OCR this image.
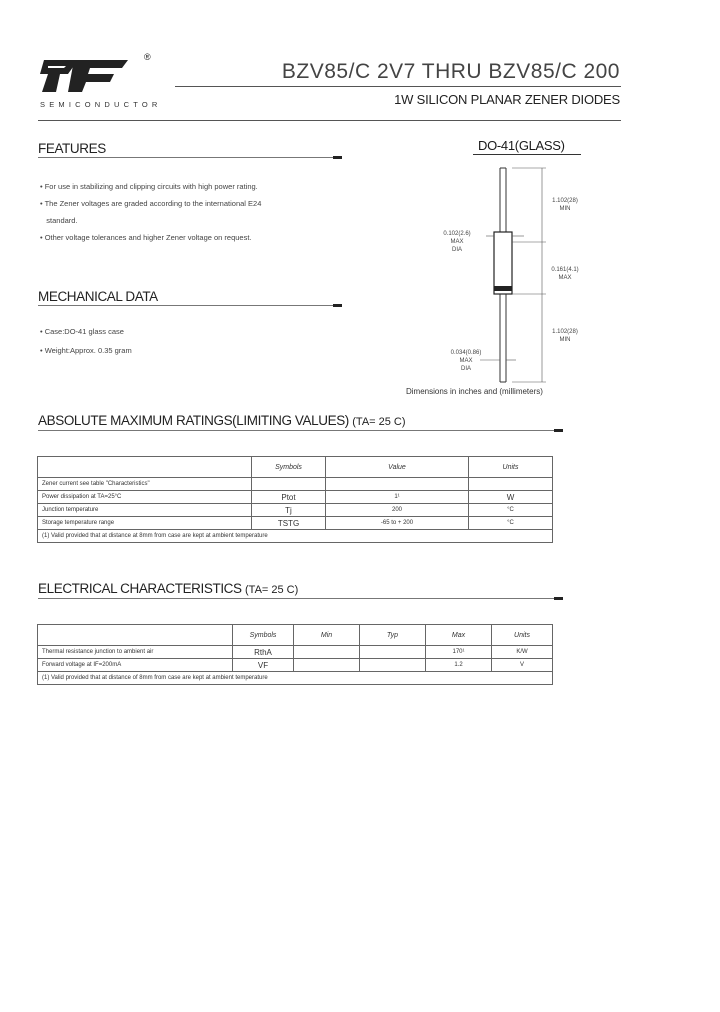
®
SEMICONDUCTOR
BZV85/C 2V7 THRU BZV85/C 200
1W SILICON PLANAR ZENER DIODES
FEATURES
• For use in stabilizing and clipping circuits with high power rating.
• The Zener voltages are graded according to the international E24
standard.
• Other voltage tolerances and higher Zener voltage on request.
MECHANICAL DATA
• Case:DO-41 glass case
• Weight:Approx. 0.35 gram
DO-41(GLASS)
1.102(28)
MIN
0.102(2.6)
MAX
DIA
0.161(4.1)
MAX
1.102(28)
MIN
0.034(0.86)
MAX
DIA
Dimensions in inches and (millimeters)
ABSOLUTE MAXIMUM RATINGS(LIMITING VALUES) (TA= 25 C)
	Symbols	Value	Units
Zener current see table "Characteristics"			
Power dissipation at TA=25°C	Ptot	1¹	W
Junction temperature	Tj	200	°C
Storage temperature range	TSTG	-65 to + 200	°C
(1) Valid provided that at distance at 8mm from case are kept at ambient temperature			
ELECTRICAL CHARACTERISTICS (TA= 25 C)
	Symbols	Min	Typ	Max	Units
Thermal resistance junction to ambient air	RthA			170¹	K/W
Forward voltage at IF=200mA	VF			1.2	V
(1) Valid provided that at distance of 8mm from case are kept at ambient temperature					
